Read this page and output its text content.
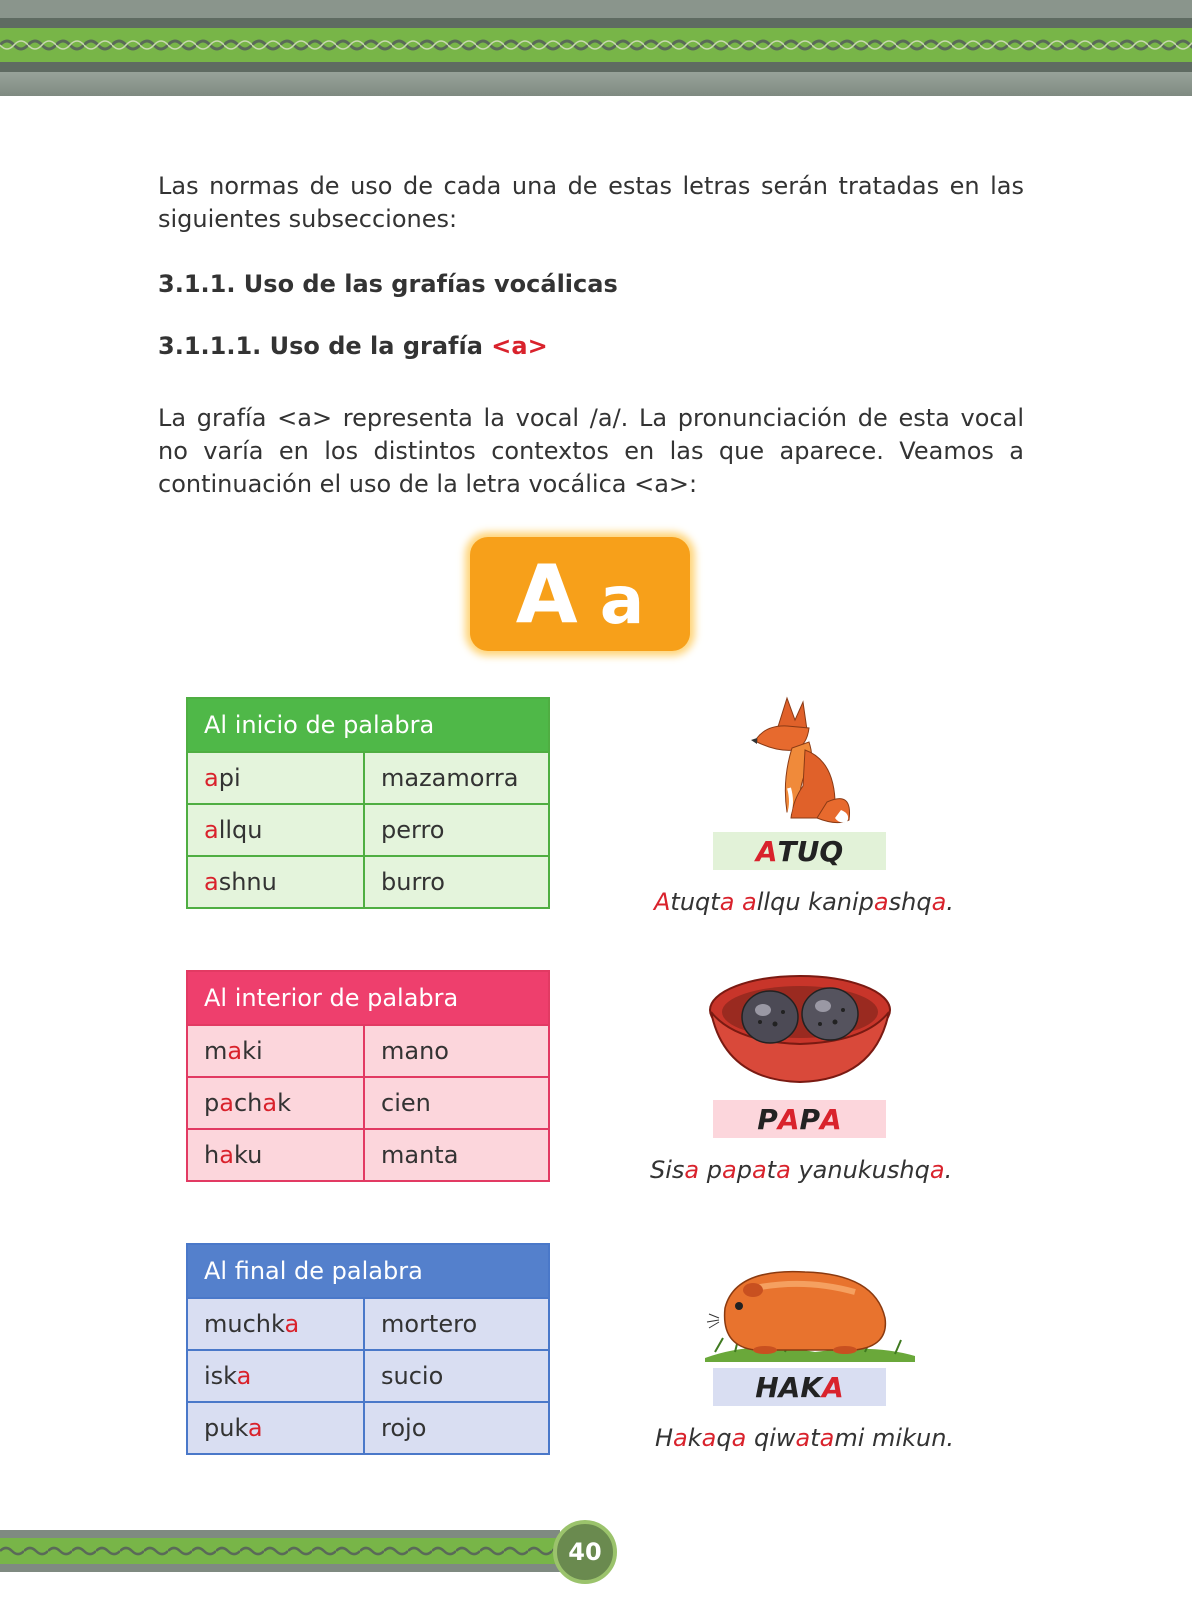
Las normas de uso de cada una de estas letras serán tratadas en las siguientes subsecciones:

3.1.1. Uso de las grafías vocálicas
3.1.1.1. Uso de la grafía <a>

La grafía <a> representa la vocal /a/. La pronunciación de esta vocal no varía en los distintos contextos en las que aparece. Veamos a continuación el uso de la letra vocálica <a>:

A a
Al inicio de palabra	
api	mazamorra
allqu	perro
ashnu	burro
Al interior de palabra	
maki	mano
pachak	cien
haku	manta
Al final de palabra	
muchka	mortero
iska	sucio
puka	rojo
A TUQ
Atuqta allqu kanipashqa.
P A P A
Sisa papata yanukushqa.
HAK A
Hakaqa qiwatami mikun.
40
